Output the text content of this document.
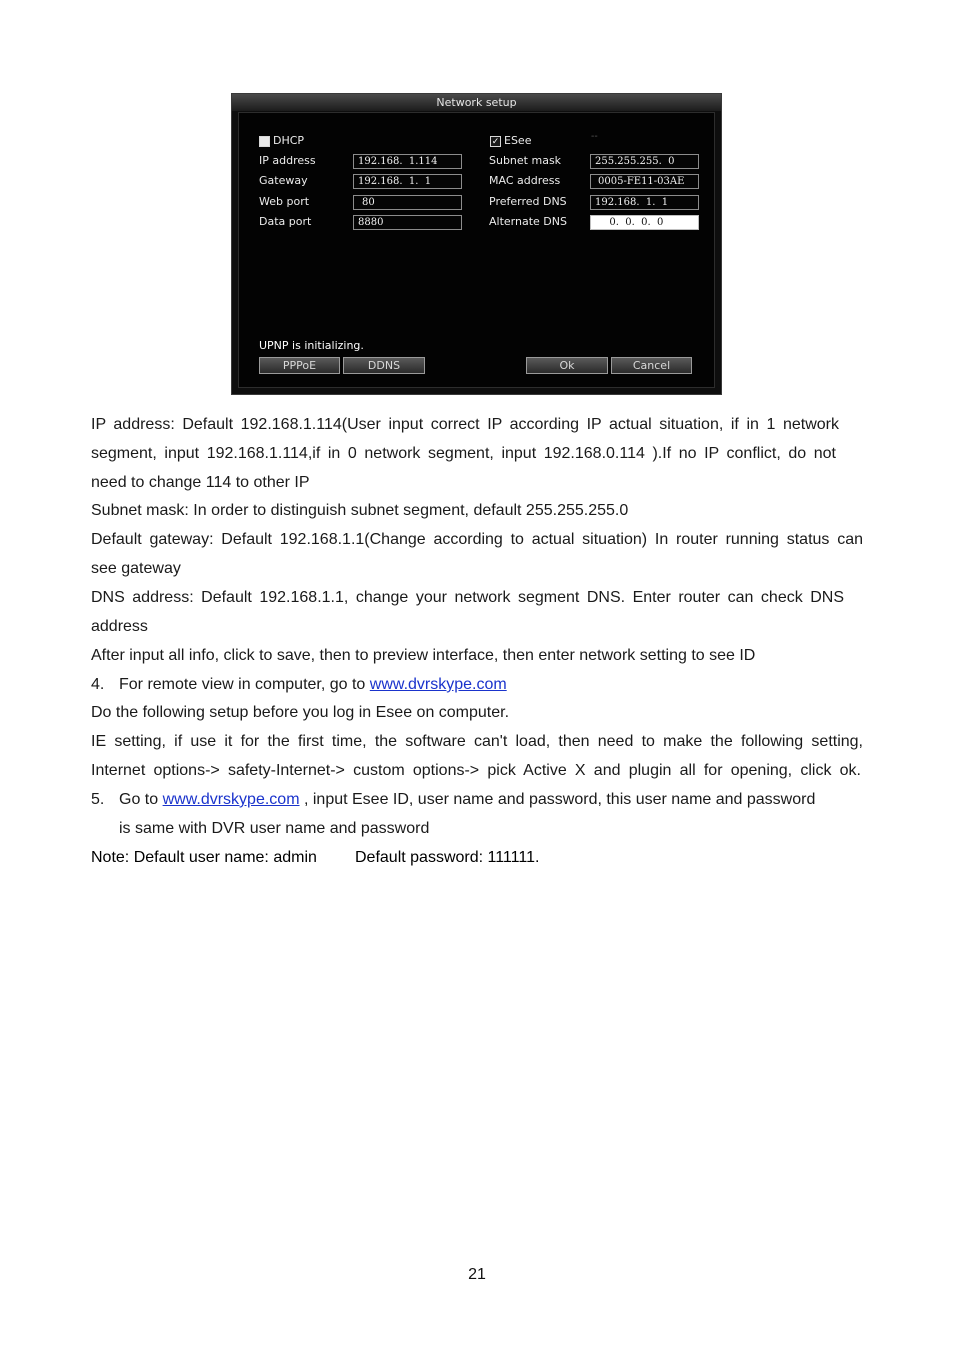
Network setup
DHCP	✓ ESee	--
IP address	192.168.  1.114
Gateway	192.168.  1.  1
Web port	80
Data port	8880
Subnet mask	255.255.255.  0
MAC address	0005-FE11-03AE
Preferred DNS	192.168.  1.  1
Alternate DNS	0.  0.  0.  0
UPNP is initializing.
PPPoE	DDNS	Ok	Cancel
IP address: Default 192.168.1.114(User input correct IP according IP actual situation, if in 1 network
segment, input 192.168.1.114,if in 0 network segment, input 192.168.0.114 ).If no IP conflict, do not
need to change 114 to other IP
Subnet mask: In order to distinguish subnet segment, default 255.255.255.0
Default gateway: Default 192.168.1.1(Change according to actual situation) In router running status can
see gateway
DNS address: Default 192.168.1.1, change your network segment DNS. Enter router can check DNS
address
After input all info, click to save, then to preview interface, then enter network setting to see ID
4. For remote view in computer, go to www.dvrskype.com
Do the following setup before you log in Esee on computer.
IE setting, if use it for the first time, the software can't load, then need to make the following setting,
Internet options-> safety-Internet-> custom options-> pick Active X and plugin all for opening, click ok.
5. Go to www.dvrskype.com , input Esee ID, user name and password, this user name and password
is same with DVR user name and password
Note: Default user name: admin Default password: 111111.
21
